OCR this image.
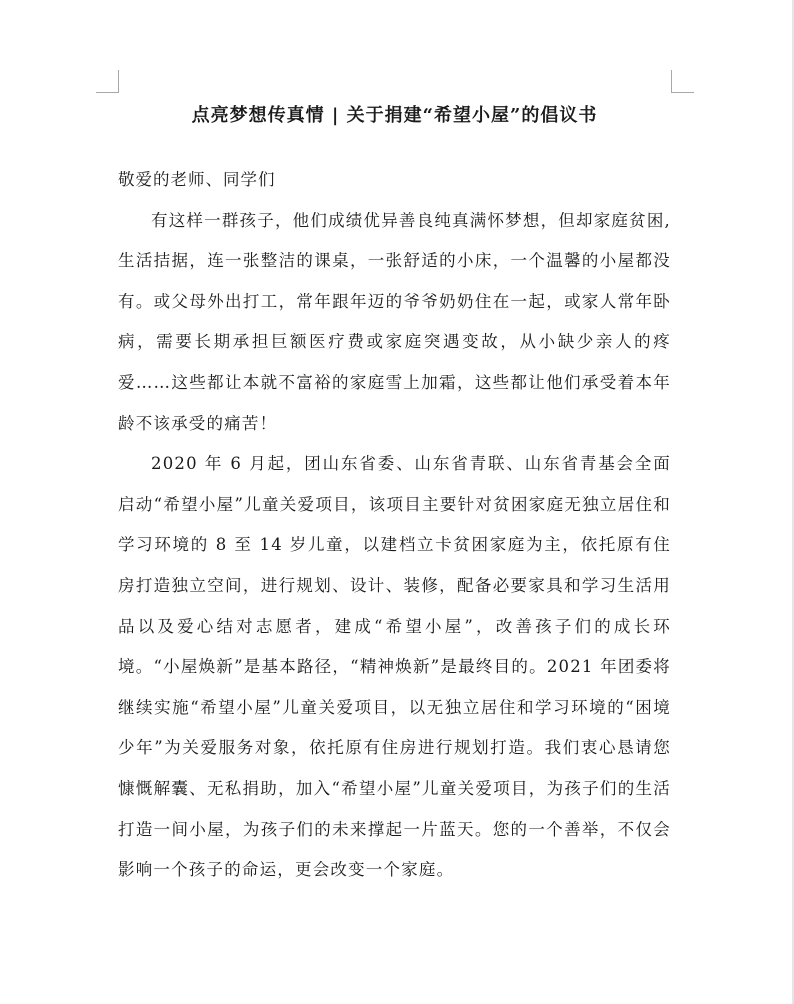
点亮梦想传真情 | 关于捐建“希望小屋”的倡议书

敬爱的老师、同学们

有这样一群孩子，他们成绩优异善良纯真满怀梦想，但却家庭贫困,生活拮据，连一张整洁的课桌，一张舒适的小床，一个温馨的小屋都没有。或父母外出打工，常年跟年迈的爷爷奶奶住在一起，或家人常年卧病，需要长期承担巨额医疗费或家庭突遇变故，从小缺少亲人的疼爱……这些都让本就不富裕的家庭雪上加霜，这些都让他们承受着本年龄不该承受的痛苦！

2020 年 6 月起，团山东省委、山东省青联、山东省青基会全面启动“希望小屋”儿童关爱项目，该项目主要针对贫困家庭无独立居住和学习环境的 8 至 14 岁儿童，以建档立卡贫困家庭为主，依托原有住房打造独立空间，进行规划、设计、装修，配备必要家具和学习生活用品以及爱心结对志愿者，建成“希望小屋”，改善孩子们的成长环境。“小屋焕新”是基本路径，“精神焕新”是最终目的。2021 年团委将继续实施“希望小屋”儿童关爱项目，以无独立居住和学习环境的“困境少年”为关爱服务对象，依托原有住房进行规划打造。我们衷心恳请您慷慨解囊、无私捐助，加入“希望小屋”儿童关爱项目，为孩子们的生活打造一间小屋，为孩子们的未来撑起一片蓝天。您的一个善举，不仅会影响一个孩子的命运，更会改变一个家庭。
